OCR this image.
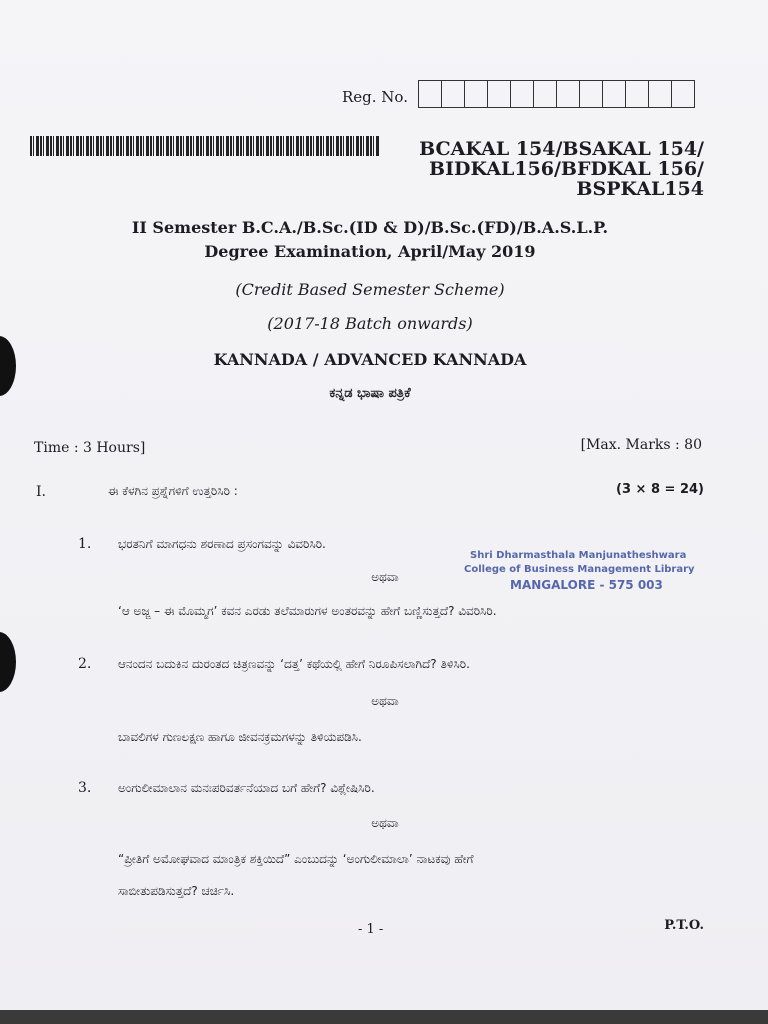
Reg. No.
BCAKAL 154/BSAKAL 154/
BIDKAL156/BFDKAL 156/
BSPKAL154
II Semester B.C.A./B.Sc.(ID & D)/B.Sc.(FD)/B.A.S.L.P.
Degree Examination, April/May 2019
(Credit Based Semester Scheme)
(2017-18 Batch onwards)
KANNADA / ADVANCED KANNADA
ಕನ್ನಡ ಭಾಷಾ ಪತ್ರಿಕೆ
Time : 3 Hours]	[Max. Marks : 80
I.	ಈ ಕೆಳಗಿನ ಪ್ರಶ್ನೆಗಳಿಗೆ ಉತ್ತರಿಸಿರಿ :	(3 × 8 = 24)
1. ಭರತನಿಗೆ ಮಾಗಧನು ಶರಣಾದ ಪ್ರಸಂಗವನ್ನು ವಿವರಿಸಿರಿ.
ಅಥವಾ
‘ಆ ಅಜ್ಜ – ಈ ಮೊಮ್ಮಗ’ ಕವನ ಎರಡು ತಲೆಮಾರುಗಳ ಅಂತರವನ್ನು ಹೇಗೆ ಬಣ್ಣಿಸುತ್ತದೆ? ವಿವರಿಸಿರಿ.
2. ಆನಂದನ ಬದುಕಿನ ದುರಂತದ ಚಿತ್ರಣವನ್ನು ‘ದತ್ತ’ ಕಥೆಯಲ್ಲಿ ಹೇಗೆ ನಿರೂಪಿಸಲಾಗಿದೆ? ತಿಳಿಸಿರಿ.
ಅಥವಾ
ಬಾವಲಿಗಳ ಗುಣಲಕ್ಷಣ ಹಾಗೂ ಜೀವನಕ್ರಮಗಳನ್ನು ತಿಳಿಯಪಡಿಸಿ.
3. ಅಂಗುಲೀಮಾಲಾನ ಮನಃಪರಿವರ್ತನೆಯಾದ ಬಗೆ ಹೇಗೆ? ವಿಶ್ಲೇಷಿಸಿರಿ.
ಅಥವಾ
“ಪ್ರೀತಿಗೆ ಅಮೋಘವಾದ ಮಾಂತ್ರಿಕ ಶಕ್ತಿಯಿದೆ” ಎಂಬುದನ್ನು ‘ಅಂಗುಲೀಮಾಲಾ’ ನಾಟಕವು ಹೇಗೆ
ಸಾಬೀತುಪಡಿಸುತ್ತದೆ? ಚರ್ಚಿಸಿ.
Shri Dharmasthala Manjunatheshwara
College of Business Management Library
MANGALORE - 575 003
- 1 -	P.T.O.
